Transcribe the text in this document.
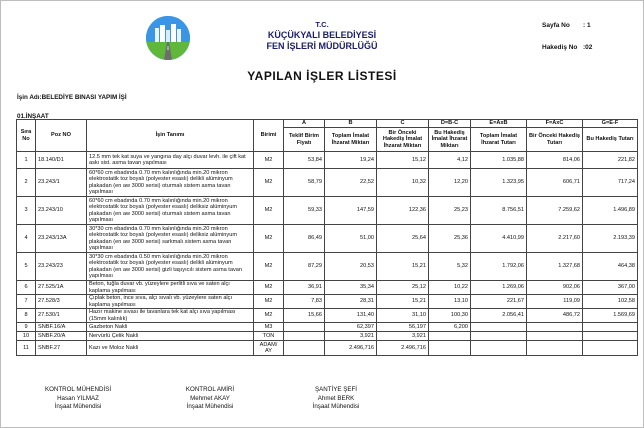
T.C.
KÜÇÜKYALI BELEDİYESİ
FEN İŞLERİ MÜDÜRLÜĞÜ
Sayfa No : 1
Hakediş No :02
YAPILAN İŞLER LİSTESİ
İşin Adı:BELEDİYE BINASI YAPIM İŞİ
01.İNŞAAT
Sıra No	Poz NO	İşin Tanımı	Birimi	A	B	C	D=B-C	E=AxB	F=AxC	G=E-F
				Teklif Birim Fiyatı	Toplam İmalat İhzarat Miktarı	Bir Önceki Hakediş İmalat İhzarat Miktarı	Bu Hakediş İmalat İhzarat Miktarı	Toplam İmalat İhzarat Tutarı	Bir Önceki Hakediş Tutarı	Bu Hakediş Tutarı
1	18.140/D1	12.5 mm tek kat suya ve yangına day alçı duvar levh. ile çift kat askı sist. asma tavan yapılması	M2	53,84	19,24	15,12	4,12	1.035,88	814,06	221,82
2	23.243/1	60*60 cm ebadında 0.70 mm kalınlığında min.20 mikron elektrostatik toz boyalı (polyester esaslı) delikli alüminyum plakadan (en aw 3000 serisi) oturmalı sistem asma tavan yapılması	M2	58,79	22,52	10,32	12,20	1.323,95	606,71	717,24
3	23.243/10	60*60 cm ebadında 0.70 mm kalınlığında min.20 mikron elektrostatik toz boyalı (polyester esaslı) deliksiz alüminyum plakadan (en aw 3000 serisi) oturmalı sistem asma tavan yapılması	M2	59,33	147,59	122,36	25,23	8.756,51	7.259,62	1.496,89
4	23.243/13A	30*30 cm ebadında 0.70 mm kalınlığında min.20 mikron elektrostatik toz boyalı (polyester esaslı) deliksiz alüminyum plakadan (en aw 3000 serisi) sarkmalı sistem asma tavan yapılması	M2	86,49	51,00	25,64	25,36	4.410,99	2.217,60	2.193,39
5	23.243/23	30*30 cm ebadında 0.50 mm kalınlığında min.20 mikron elektrostatik toz boyalı (polyester esaslı) delikli alüminyum plakadan (en aw 3000 serisi) gizli taşıyıcılı sistem asma tavan yapılması	M2	87,29	20,53	15,21	5,32	1.792,06	1.327,68	464,38
6	27.525/1A	Beton, tuğla duvar vb. yüzeylere perlitli sıva ve saten alçı kaplama yapılması	M2	36,91	35,34	25,12	10,22	1.269,06	902,06	367,00
7	27.528/3	Çıplak beton, ince sıva, alçı sıvalı vb. yüzeylere saten alçı kaplama yapılması	M2	7,83	28,31	15,21	13,10	221,67	119,09	102,58
8	27.530/1	Hazır makine sıvası ile tavanlara tek kat alçı sıva yapılması (15mm kalınlık)	M2	15,66	131,40	31,10	100,30	2.056,41	486,72	1.569,69
9	SNBF.16/A	Gazbeton Nakli	M3		62,397	56,197	6,200			
10	SNBF.20/A	Nervürlü Çelik Nakli	TON		3,921	3,921				
11	SNBF.27	Kazı ve Moloz Nakli	ADAM/ AY		2.496,716	2.496,716				
KONTROL MÜHENDİSİ
Hasan YILMAZ
İnşaat Mühendisi
KONTROL AMİRİ
Mehmet AKAY
İnşaat Mühendisi
ŞANTİYE ŞEFİ
Ahmet BERK
İnşaat Mühendisi
